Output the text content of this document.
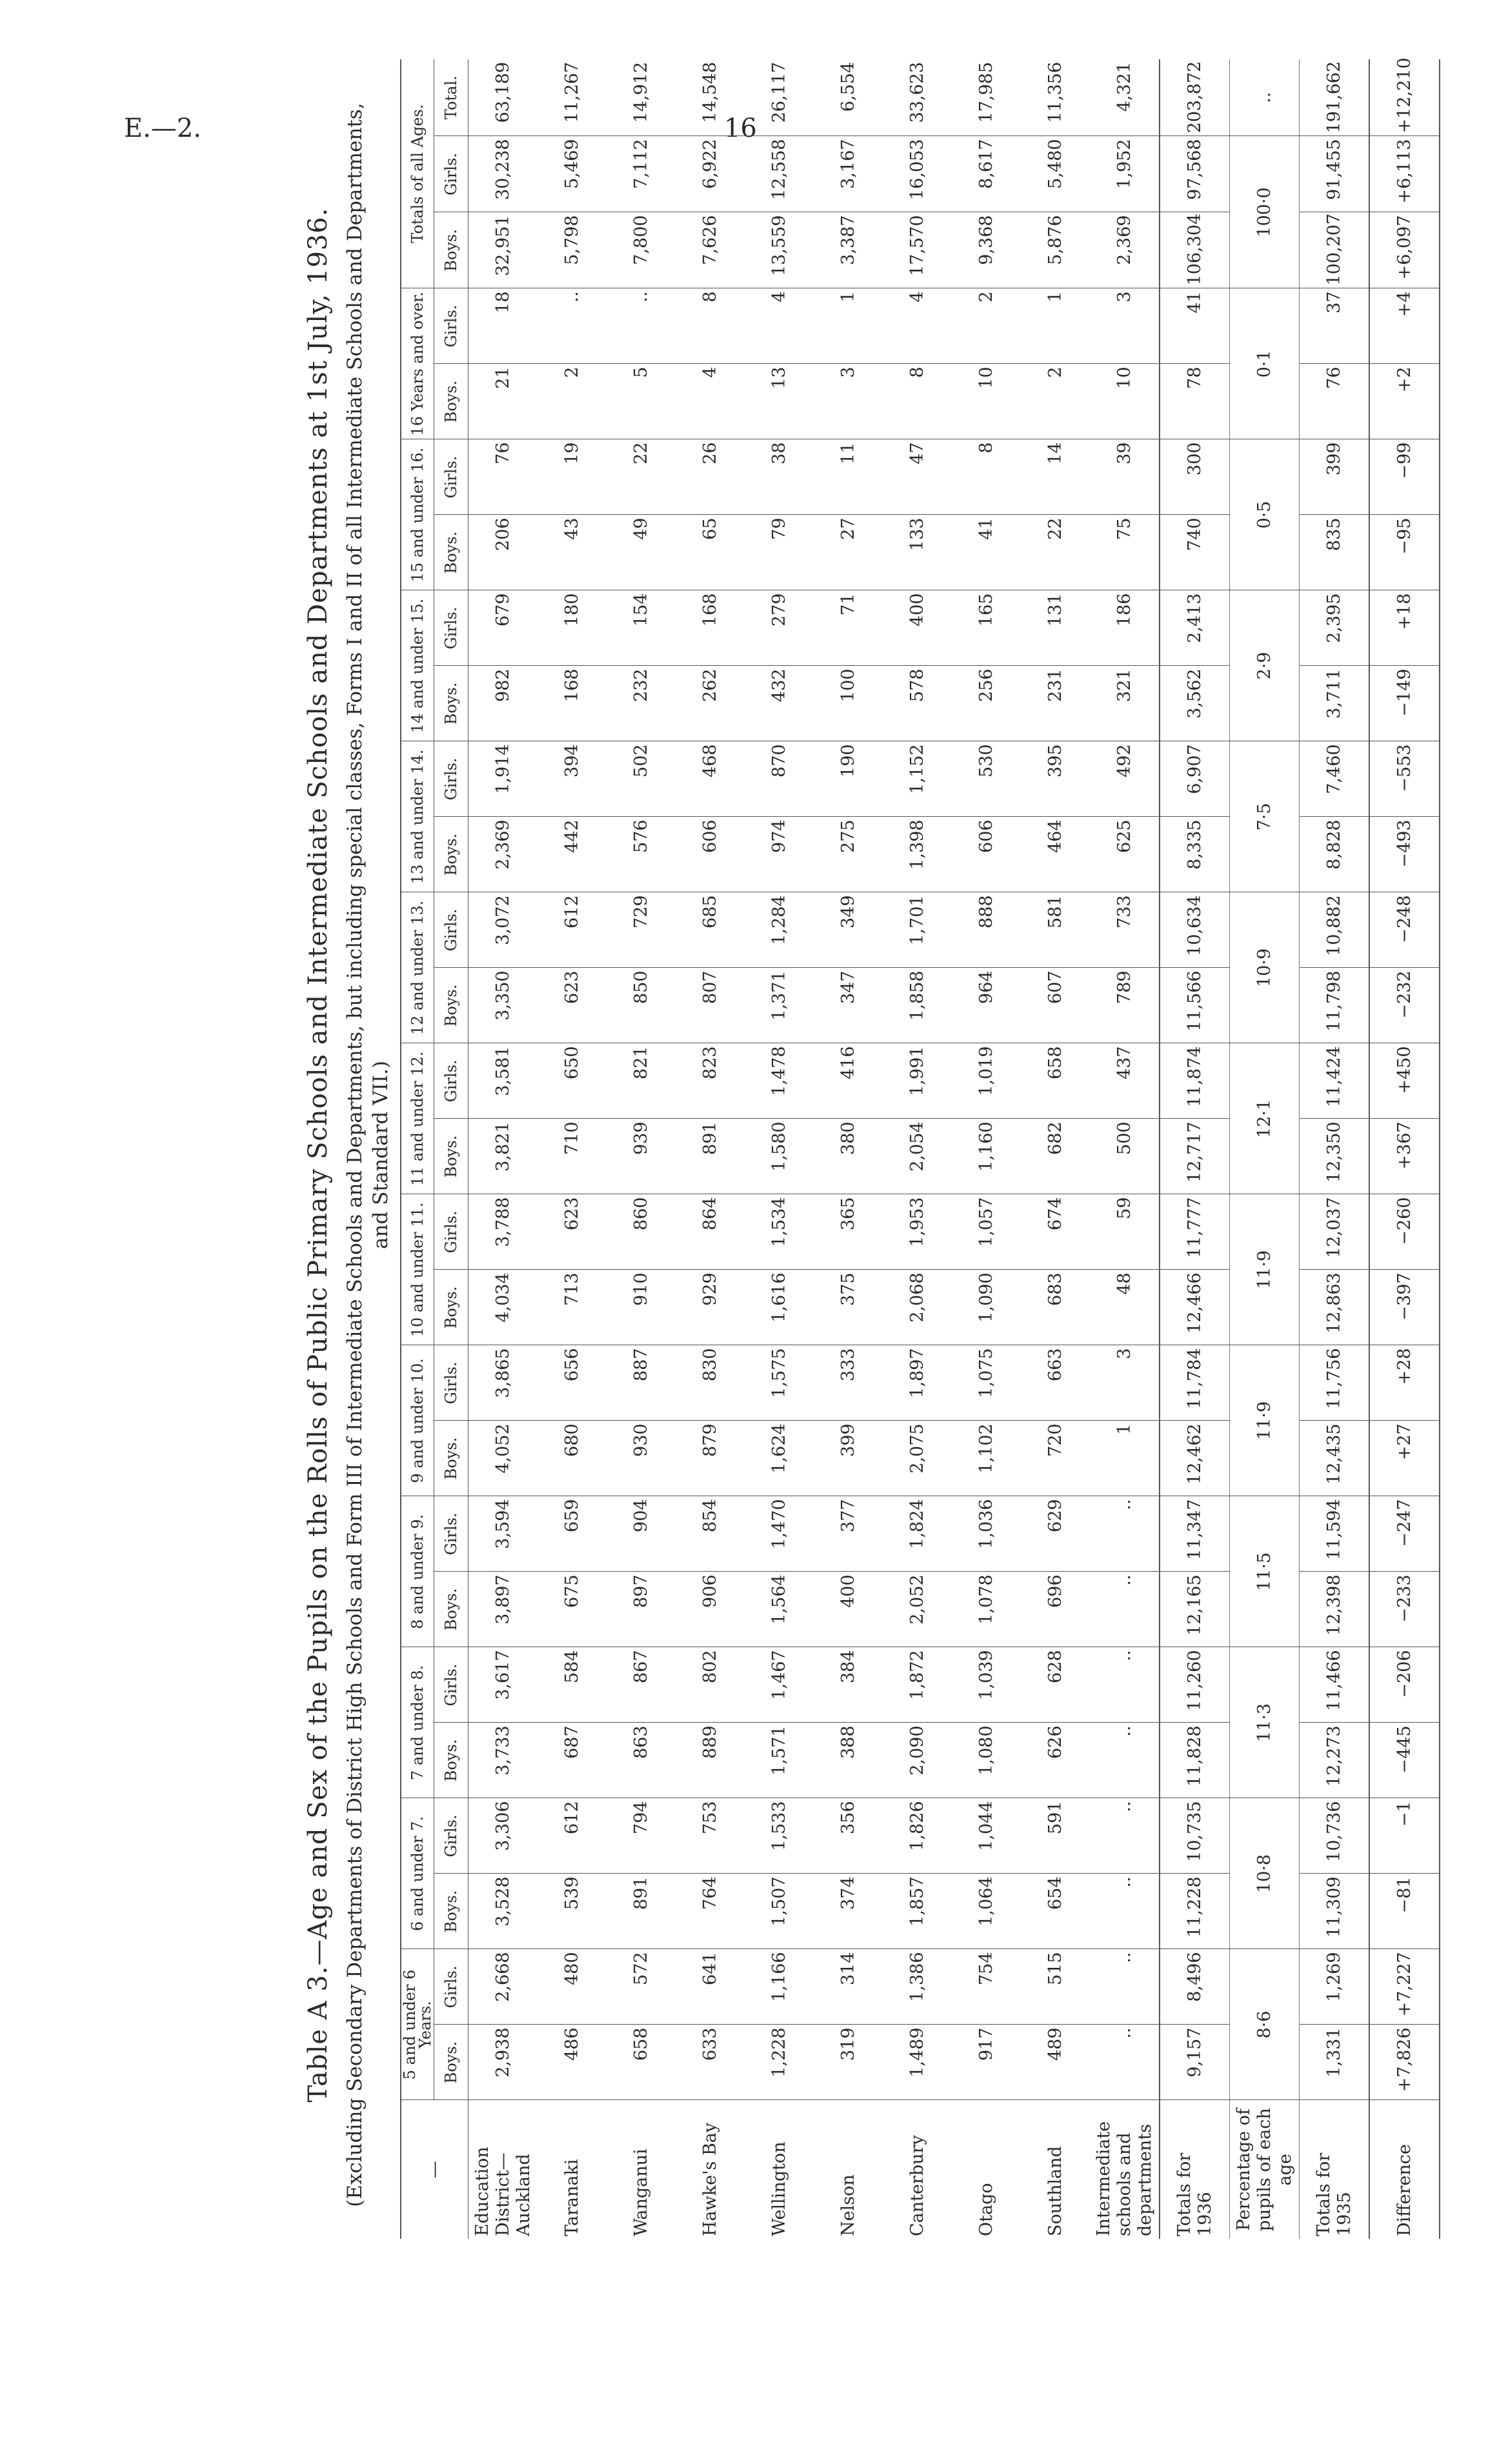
E.—2.	16
Table A 3.—Age and Sex of the Pupils on the Rolls of Public Primary Schools and Intermediate Schools and Departments at 1st July, 1936. (Excluding Secondary Departments of District High Schools and Form III of Intermediate Schools and Departments, but including special classes, Forms I and II of all Intermediate Schools and Departments, and Standard VII.)
—	5 and under 6 Years.		6 and under 7.		7 and under 8.		8 and under 9.		9 and under 10.		10 and under 11.		11 and under 12.		12 and under 13.		13 and under 14.		14 and under 15.		15 and under 16.		16 Years and over.		Totals of all Ages.		
	Boys.	Girls.	Boys.	Girls.	Boys.	Girls.	Boys.	Girls.	Boys.	Girls.	Boys.	Girls.	Boys.	Girls.	Boys.	Girls.	Boys.	Girls.	Boys.	Girls.	Boys.	Girls.	Boys.	Girls.	Boys.	Girls.	Total.
Education District— Auckland	2,938	2,668	3,528	3,306	3,733	3,617	3,897	3,594	4,052	3,865	4,034	3,788	3,821	3,581	3,350	3,072	2,369	1,914	982	679	206	76	21	18	32,951	30,238	63,189
Taranaki	486	480	539	612	687	584	675	659	680	656	713	623	710	650	623	612	442	394	168	180	43	19	2	..	5,798	5,469	11,267
Wanganui	658	572	891	794	863	867	897	904	930	887	910	860	939	821	850	729	576	502	232	154	49	22	5	..	7,800	7,112	14,912
Hawke's Bay	633	641	764	753	889	802	906	854	879	830	929	864	891	823	807	685	606	468	262	168	65	26	4	8	7,626	6,922	14,548
Wellington	1,228	1,166	1,507	1,533	1,571	1,467	1,564	1,470	1,624	1,575	1,616	1,534	1,580	1,478	1,371	1,284	974	870	432	279	79	38	13	4	13,559	12,558	26,117
Nelson	319	314	374	356	388	384	400	377	399	333	375	365	380	416	347	349	275	190	100	71	27	11	3	1	3,387	3,167	6,554
Canterbury	1,489	1,386	1,857	1,826	2,090	1,872	2,052	1,824	2,075	1,897	2,068	1,953	2,054	1,991	1,858	1,701	1,398	1,152	578	400	133	47	8	4	17,570	16,053	33,623
Otago	917	754	1,064	1,044	1,080	1,039	1,078	1,036	1,102	1,075	1,090	1,057	1,160	1,019	964	888	606	530	256	165	41	8	10	2	9,368	8,617	17,985
Southland	489	515	654	591	626	628	696	629	720	663	683	674	682	658	607	581	464	395	231	131	22	14	2	1	5,876	5,480	11,356
Intermediate schools and departments	..	..	..	..	..	..	..	..	1	3	48	59	500	437	789	733	625	492	321	186	75	39	10	3	2,369	1,952	4,321
Totals for 1936	9,157	8,496	11,228	10,735	11,828	11,260	12,165	11,347	12,462	11,784	12,466	11,777	12,717	11,874	11,566	10,634	8,335	6,907	3,562	2,413	740	300	78	41	106,304	97,568	203,872
Percentage of pupils of each age	8·6		10·8		11·3		11·5		11·9		11·9		12·1		10·9		7·5		2·9		0·5		0·1		100·0		..
Totals for 1935	1,331	1,269	11,309	10,736	12,273	11,466	12,398	11,594	12,435	11,756	12,863	12,037	12,350	11,424	11,798	10,882	8,828	7,460	3,711	2,395	835	399	76	37	100,207	91,455	191,662
Difference	+7,826	+7,227	−81	−1	−445	−206	−233	−247	+27	+28	−397	−260	+367	+450	−232	−248	−493	−553	−149	+18	−95	−99	+2	+4	+6,097	+6,113	+12,210
